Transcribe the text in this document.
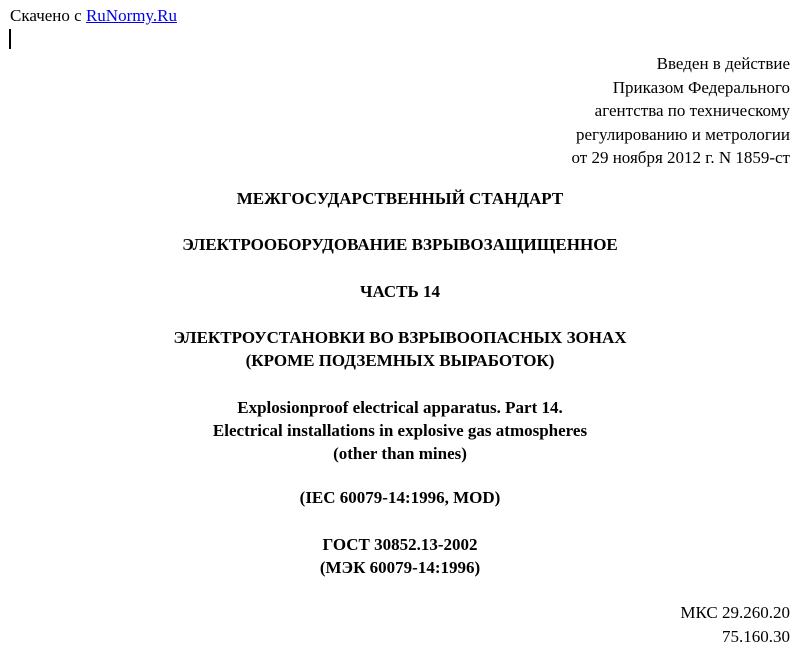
Скачено с RuNormy.Ru
Введен в действие
Приказом Федерального
агентства по техническому
регулированию и метрологии
от 29 ноября 2012 г. N 1859-ст
МЕЖГОСУДАРСТВЕННЫЙ СТАНДАРТ
ЭЛЕКТРООБОРУДОВАНИЕ ВЗРЫВОЗАЩИЩЕННОЕ
ЧАСТЬ 14
ЭЛЕКТРОУСТАНОВКИ ВО ВЗРЫВООПАСНЫХ ЗОНАХ
(КРОМЕ ПОДЗЕМНЫХ ВЫРАБОТОК)
Explosionproof electrical apparatus. Part 14.
Electrical installations in explosive gas atmospheres
(other than mines)
(IEC 60079-14:1996, MOD)
ГОСТ 30852.13-2002
(МЭК 60079-14:1996)
МКС 29.260.20
75.160.30
